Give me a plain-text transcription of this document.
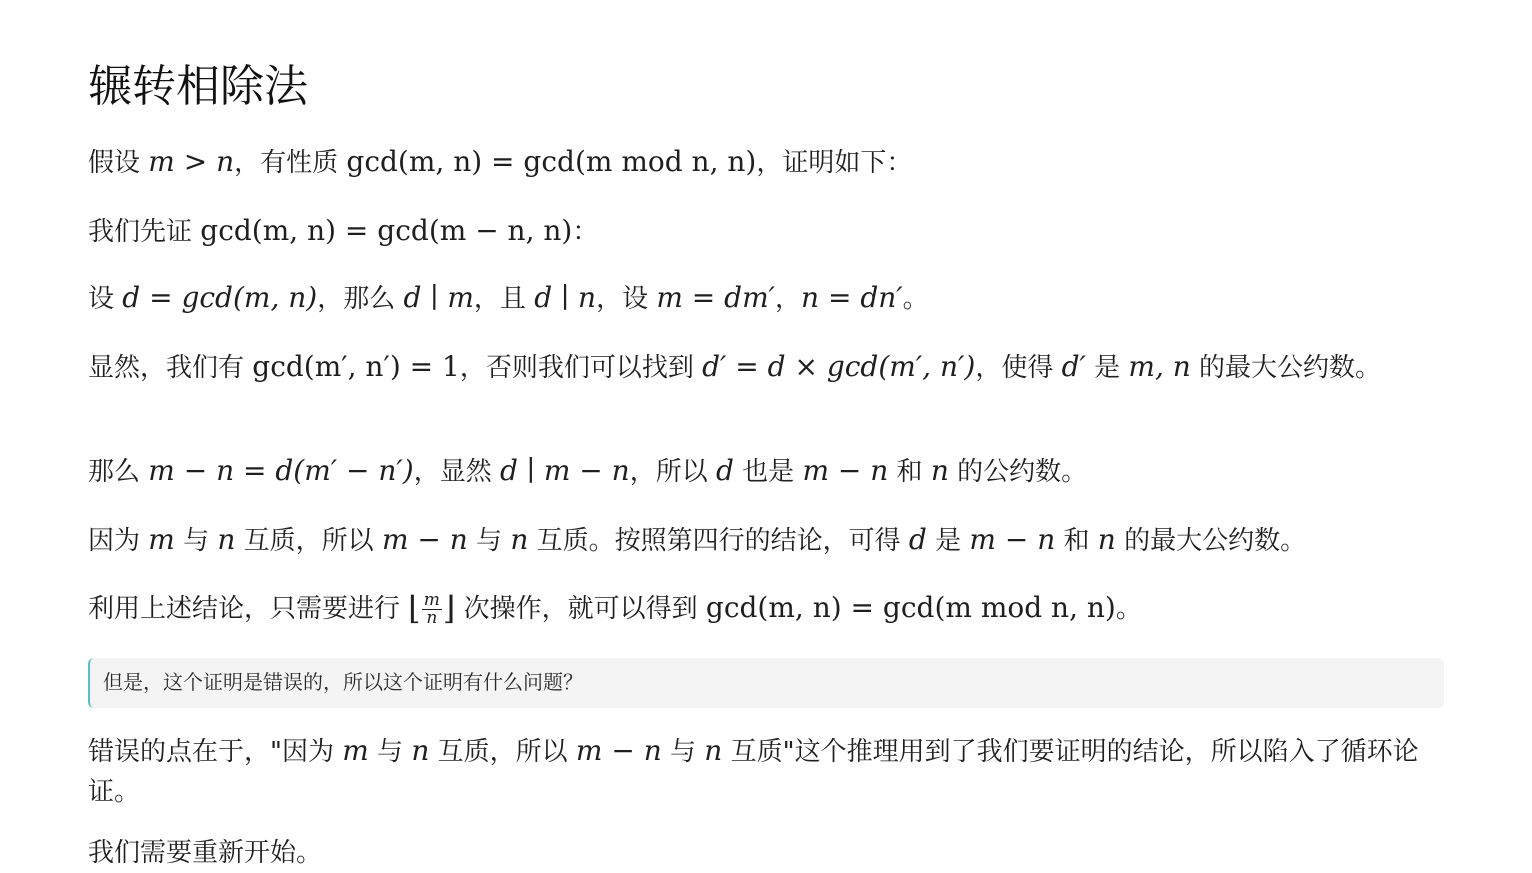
辗转相除法

假设 m > n，有性质 gcd(m, n) = gcd(m mod n, n)，证明如下：

我们先证 gcd(m, n) = gcd(m − n, n)：

设 d = gcd(m, n)，那么 d ∣ m，且 d ∣ n，设 m = dm′，n = dn′。

显然，我们有 gcd(m′, n′) = 1，否则我们可以找到 d′ = d × gcd(m′, n′)，使得 d′ 是 m, n 的最大公约数。

那么 m − n = d(m′ − n′)，显然 d ∣ m − n，所以 d 也是 m − n 和 n 的公约数。

因为 m 与 n 互质，所以 m − n 与 n 互质。按照第四行的结论，可得 d 是 m − n 和 n 的最大公约数。

利用上述结论，只需要进行 ⌊ $\frac{m}{n}$ ⌋ 次操作，就可以得到 gcd(m, n) = gcd(m mod n, n)。

但是，这个证明是错误的，所以这个证明有什么问题？

错误的点在于，"因为 m 与 n 互质，所以 m − n 与 n 互质"这个推理用到了我们要证明的结论，所以陷入了循环论证。

我们需要重新开始。
